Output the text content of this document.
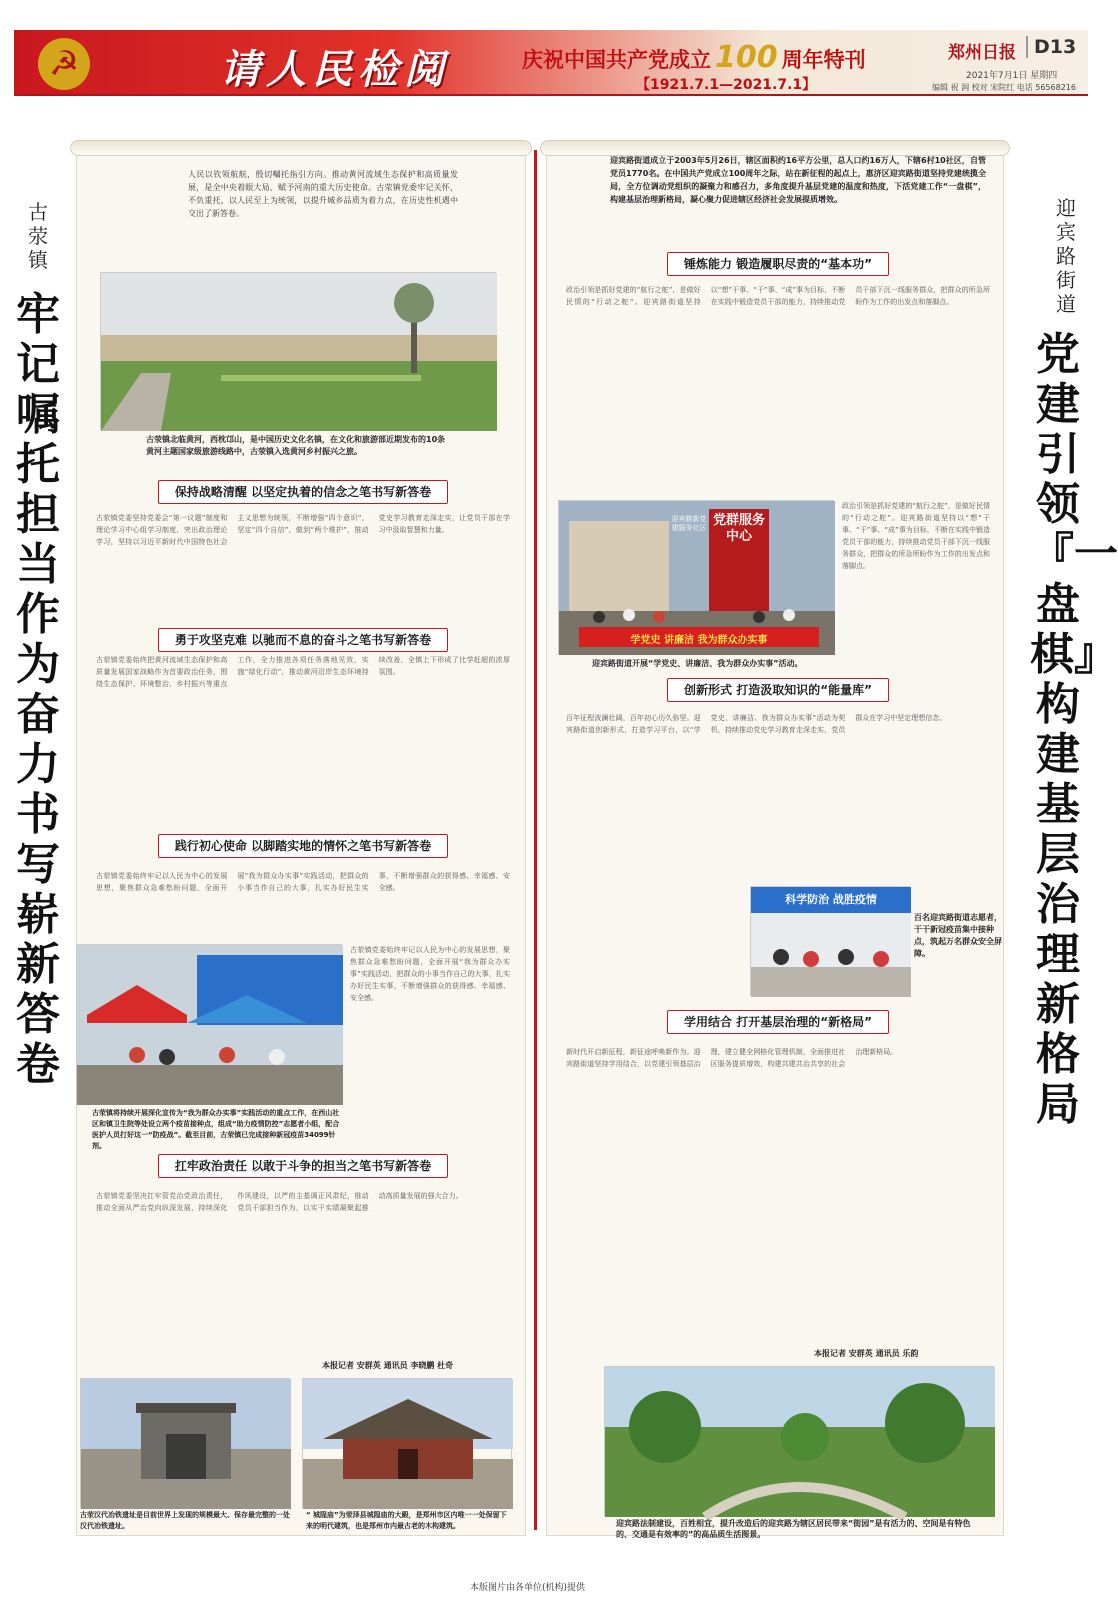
☭	请人民检阅	庆祝中国共产党成立 100 周年特刊
【1921.7.1—2021.7.1】
郑州日报 D13
2021年7月1日 星期四
编辑 祝 润 校对 宋院红 电话 56568216
古荥镇
牢记嘱托 担当作为 奋力书写崭新答卷
迎宾路街道
党建引领『一盘棋』 构建基层治理新格局
人民以钦领航航，殷切嘱托指引方向。推动黄河流域生态保护和高质量发展，是全中央着眼大局、赋予河南的重大历史使命。古荥镇党委牢记关怀，不负重托，以人民至上为统领，以提升城乡品质为着力点，在历史性机遇中交出了新答卷。
古荥镇北临黄河，西枕邙山，是中国历史文化名镇，在文化和旅游部近期发布的10条黄河主题国家级旅游线路中，古荥镇入选黄河乡村振兴之旅。
保持战略清醒 以坚定执着的信念之笔书写新答卷
古荥镇党委坚持党委会“第一议题”制度和理论学习中心组学习制度，突出政治理论学习，坚持以习近平新时代中国特色社会主义思想为统领，不断增强“四个意识”，坚定“四个自信”，做到“两个维护”，推动党史学习教育走深走实，让党员干部在学习中汲取智慧和力量。
勇于攻坚克难 以驰而不息的奋斗之笔书写新答卷
古荥镇党委始终把黄河流域生态保护和高质量发展国家战略作为首要政治任务，围绕生态保护、环境整治、乡村振兴等重点工作，全力推进各项任务落地见效，实施“绿化行动”，推动黄河沿岸生态环境持续改善，全镇上下形成了比学赶超的浓厚氛围。
践行初心使命 以脚踏实地的情怀之笔书写新答卷
古荥镇党委始终牢记以人民为中心的发展思想，聚焦群众急难愁盼问题，全面开展“我为群众办实事”实践活动，把群众的小事当作自己的大事，扎实办好民生实事，不断增强群众的获得感、幸福感、安全感。
古荥镇将持续开展深化宣传为“我为群众办实事”实践活动的重点工作，在西山社区和镇卫生院等处设立两个疫苗接种点，组成“助力疫情防控”志愿者小组，配合医护人员打好这一“防疫战”。截至目前，古荥镇已完成接种新冠疫苗34099针剂。
古荥镇党委始终牢记以人民为中心的发展思想，聚焦群众急难愁盼问题，全面开展“我为群众办实事”实践活动，把群众的小事当作自己的大事，扎实办好民生实事，不断增强群众的获得感、幸福感、安全感。
扛牢政治责任 以敢于斗争的担当之笔书写新答卷
古荥镇党委坚决扛牢管党治党政治责任，推动全面从严治党向纵深发展，持续深化作风建设，以严的主基调正风肃纪，推动党员干部担当作为，以实干实绩凝聚起推动高质量发展的强大合力。
本报记者 安群英 通讯员 李晓鹏 杜奇
古荥汉代冶铁遗址是目前世界上发现的规模最大、保存最完整的一处汉代冶铁遗址。
“ 城隍庙”为荥泽县城隍庙的大殿，是郑州市区内唯一一处保留下来的明代建筑，也是郑州市内最古老的木构建筑。
迎宾路街道成立于2003年5月26日，辖区面积约16平方公里，总人口约16万人，下辖6村10社区，自管党员1770名。在中国共产党成立100周年之际，站在新征程的起点上，惠济区迎宾路街道坚持党建统揽全局，全方位调动党组织的凝聚力和感召力，多角度提升基层党建的温度和热度，下活党建工作“一盘棋”，构建基层治理新格局，凝心聚力促进辖区经济社会发展提质增效。
锤炼能力 锻造履职尽责的“基本功”
政治引领是抓好党建的“航行之舵”，是做好民情的“行动之舵”。迎宾路街道坚持以“想”干事、“干”事、“成”事为目标，不断在实践中锻造党员干部的能力，持续推动党员干部下沉一线服务群众，把群众的所急所盼作为工作的出发点和落脚点。
党群服务中心
迎宾路新党建服务社区
学党史 讲廉洁 我为群众办实事
迎宾路街道开展“学党史、讲廉洁、我为群众办实事”活动。
政治引领是抓好党建的“航行之舵”，是做好民情的“行动之舵”。迎宾路街道坚持以“想”干事、“干”事、“成”事为目标，不断在实践中锻造党员干部的能力，持续推动党员干部下沉一线服务群众，把群众的所急所盼作为工作的出发点和落脚点。
创新形式 打造汲取知识的“能量库”
百年征程波澜壮阔，百年初心历久弥坚。迎宾路街道创新形式，打造学习平台，以“学党史、讲廉洁、我为群众办实事”活动为契机，持续推动党史学习教育走深走实，党员群众在学习中坚定理想信念。
科学防治 战胜疫情
百名迎宾路街道志愿者，干干新冠疫苗集中接种点，筑起万名群众安全屏障。
学用结合 打开基层治理的“新格局”
新时代开启新征程，新征途呼唤新作为。迎宾路街道坚持学用结合，以党建引领基层治理，建立健全网格化管理机制，全面推进社区服务提质增效，构建共建共治共享的社会治理新格局。
本报记者 安群英 通讯员 乐韵
迎宾路法制建设，百姓相宜，提升改造后的迎宾路为辖区居民带来“街园”是有活力的、空间是有特色的、交通是有效率的”的高品质生活图景。
本版图片由各单位(机构)提供
